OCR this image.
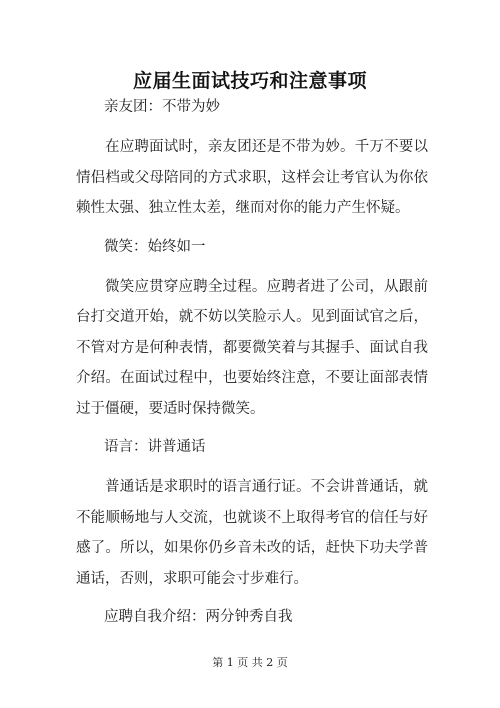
应届生面试技巧和注意事项
亲友团：不带为妙

在应聘面试时，亲友团还是不带为妙。千万不要以情侣档或父母陪同的方式求职，这样会让考官认为你依赖性太强、独立性太差，继而对你的能力产生怀疑。

微笑：始终如一

微笑应贯穿应聘全过程。应聘者进了公司，从跟前台打交道开始，就不妨以笑脸示人。见到面试官之后，不管对方是何种表情，都要微笑着与其握手、面试自我介绍。在面试过程中，也要始终注意，不要让面部表情过于僵硬，要适时保持微笑。

语言：讲普通话

普通话是求职时的语言通行证。不会讲普通话，就不能顺畅地与人交流，也就谈不上取得考官的信任与好感了。所以，如果你仍乡音未改的话，赶快下功夫学普通话，否则，求职可能会寸步难行。

应聘自我介绍：两分钟秀自我
第 1 页 共 2 页
